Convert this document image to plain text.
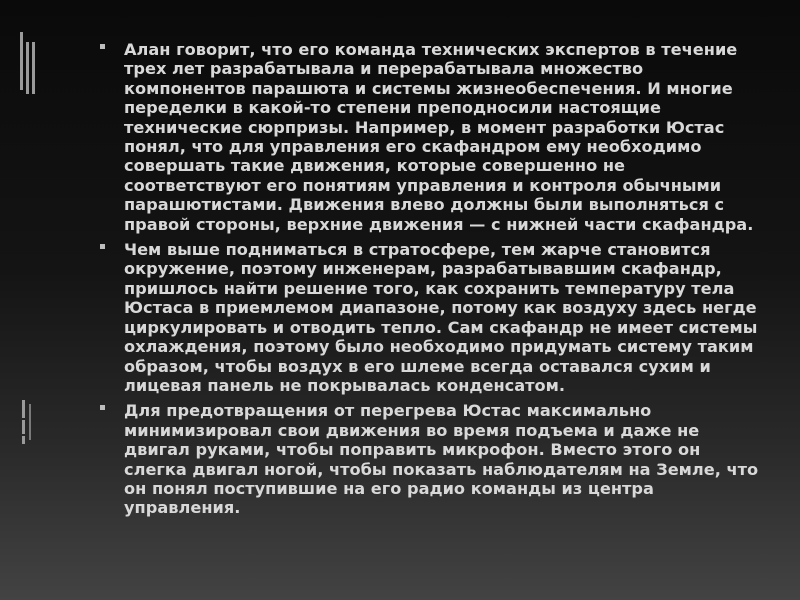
Алан говорит, что его команда технических экспертов в течение трех лет разрабатывала и перерабатывала множество компонентов парашюта и системы жизнеобеспечения. И многие переделки в какой-то степени преподносили настоящие технические сюрпризы. Например, в момент разработки Юстас понял, что для управления его скафандром ему необходимо совершать такие движения, которые совершенно не соответствуют его понятиям управления и контроля обычными парашютистами. Движения влево должны были выполняться с правой стороны, верхние движения — с нижней части скафандра.
Чем выше подниматься в стратосфере, тем жарче становится окружение, поэтому инженерам, разрабатывавшим скафандр, пришлось найти решение того, как сохранить температуру тела Юстаса в приемлемом диапазоне, потому как воздуху здесь негде циркулировать и отводить тепло. Сам скафандр не имеет системы охлаждения, поэтому было необходимо придумать систему таким образом, чтобы воздух в его шлеме всегда оставался сухим и лицевая панель не покрывалась конденсатом.
Для предотвращения от перегрева Юстас максимально минимизировал свои движения во время подъема и даже не двигал руками, чтобы поправить микрофон. Вместо этого он слегка двигал ногой, чтобы показать наблюдателям на Земле, что он понял поступившие на его радио команды из центра управления.
